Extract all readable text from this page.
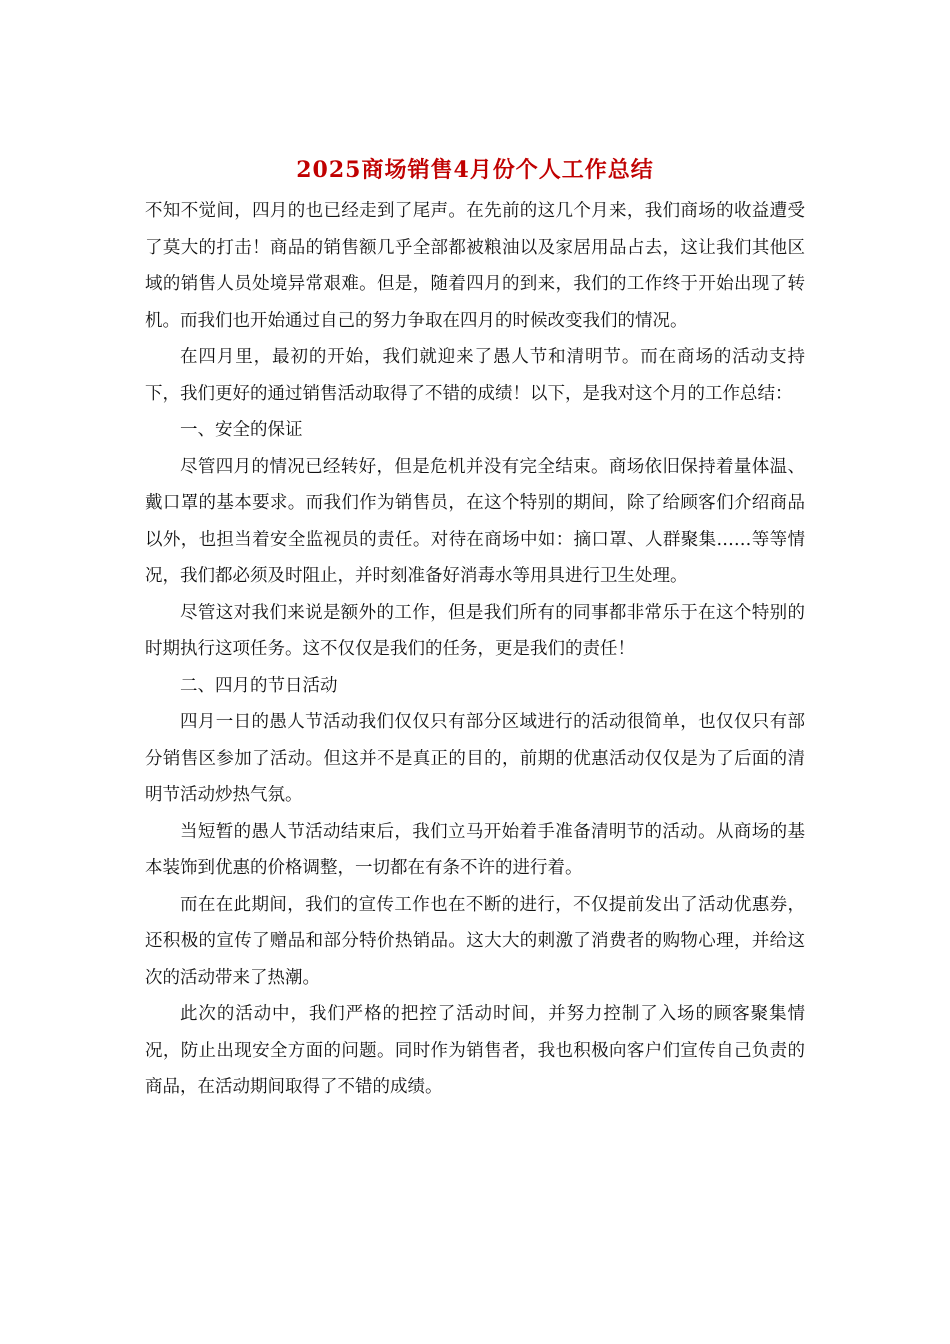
2025商场销售4月份个人工作总结

不知不觉间，四月的也已经走到了尾声。在先前的这几个月来，我们商场的收益遭受了莫大的打击！商品的销售额几乎全部都被粮油以及家居用品占去，这让我们其他区域的销售人员处境异常艰难。但是，随着四月的到来，我们的工作终于开始出现了转机。而我们也开始通过自己的努力争取在四月的时候改变我们的情况。

在四月里，最初的开始，我们就迎来了愚人节和清明节。而在商场的活动支持下，我们更好的通过销售活动取得了不错的成绩！以下，是我对这个月的工作总结：

一、安全的保证

尽管四月的情况已经转好，但是危机并没有完全结束。商场依旧保持着量体温、戴口罩的基本要求。而我们作为销售员，在这个特别的期间，除了给顾客们介绍商品以外，也担当着安全监视员的责任。对待在商场中如：摘口罩、人群聚集……等等情况，我们都必须及时阻止，并时刻准备好消毒水等用具进行卫生处理。

尽管这对我们来说是额外的工作，但是我们所有的同事都非常乐于在这个特别的时期执行这项任务。这不仅仅是我们的任务，更是我们的责任！

二、四月的节日活动

四月一日的愚人节活动我们仅仅只有部分区域进行的活动很简单，也仅仅只有部分销售区参加了活动。但这并不是真正的目的，前期的优惠活动仅仅是为了后面的清明节活动炒热气氛。

当短暂的愚人节活动结束后，我们立马开始着手准备清明节的活动。从商场的基本装饰到优惠的价格调整，一切都在有条不许的进行着。

而在在此期间，我们的宣传工作也在不断的进行，不仅提前发出了活动优惠券，还积极的宣传了赠品和部分特价热销品。这大大的刺激了消费者的购物心理，并给这次的活动带来了热潮。

此次的活动中，我们严格的把控了活动时间，并努力控制了入场的顾客聚集情况，防止出现安全方面的问题。同时作为销售者，我也积极向客户们宣传自己负责的商品，在活动期间取得了不错的成绩。
